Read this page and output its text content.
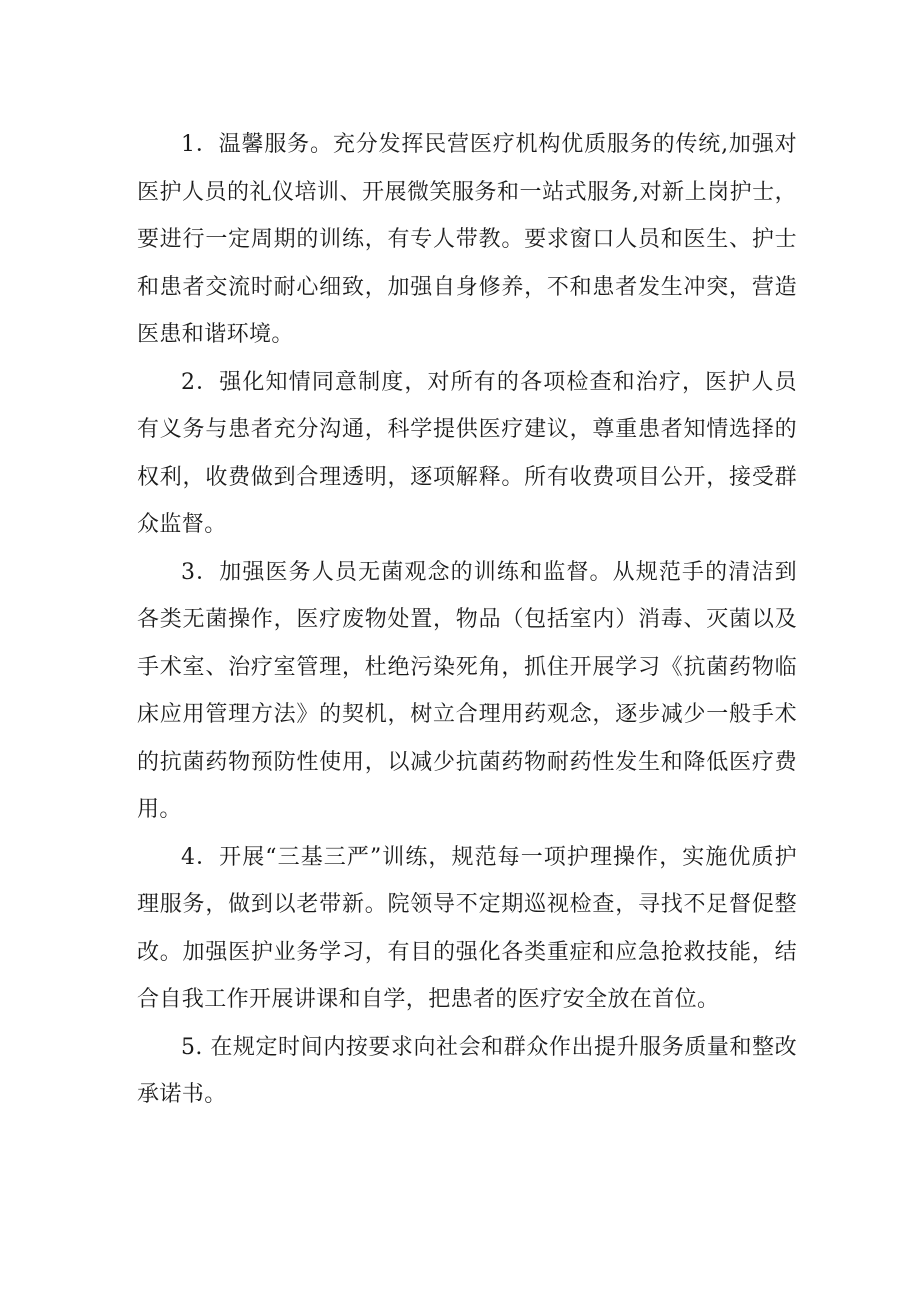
1．温馨服务。充分发挥民营医疗机构优质服务的传统,加强对医护人员的礼仪培训、开展微笑服务和一站式服务,对新上岗护士，要进行一定周期的训练，有专人带教。要求窗口人员和医生、护士和患者交流时耐心细致，加强自身修养，不和患者发生冲突，营造医患和谐环境。

2．强化知情同意制度，对所有的各项检查和治疗，医护人员有义务与患者充分沟通，科学提供医疗建议，尊重患者知情选择的权利，收费做到合理透明，逐项解释。所有收费项目公开，接受群众监督。

3．加强医务人员无菌观念的训练和监督。从规范手的清洁到各类无菌操作，医疗废物处置，物品（包括室内）消毒、灭菌以及手术室、治疗室管理，杜绝污染死角，抓住开展学习《抗菌药物临床应用管理方法》的契机，树立合理用药观念，逐步减少一般手术的抗菌药物预防性使用，以减少抗菌药物耐药性发生和降低医疗费用。

4．开展“三基三严”训练，规范每一项护理操作，实施优质护理服务，做到以老带新。院领导不定期巡视检查，寻找不足督促整改。加强医护业务学习，有目的强化各类重症和应急抢救技能，结合自我工作开展讲课和自学，把患者的医疗安全放在首位。

5. 在规定时间内按要求向社会和群众作出提升服务质量和整改承诺书。
